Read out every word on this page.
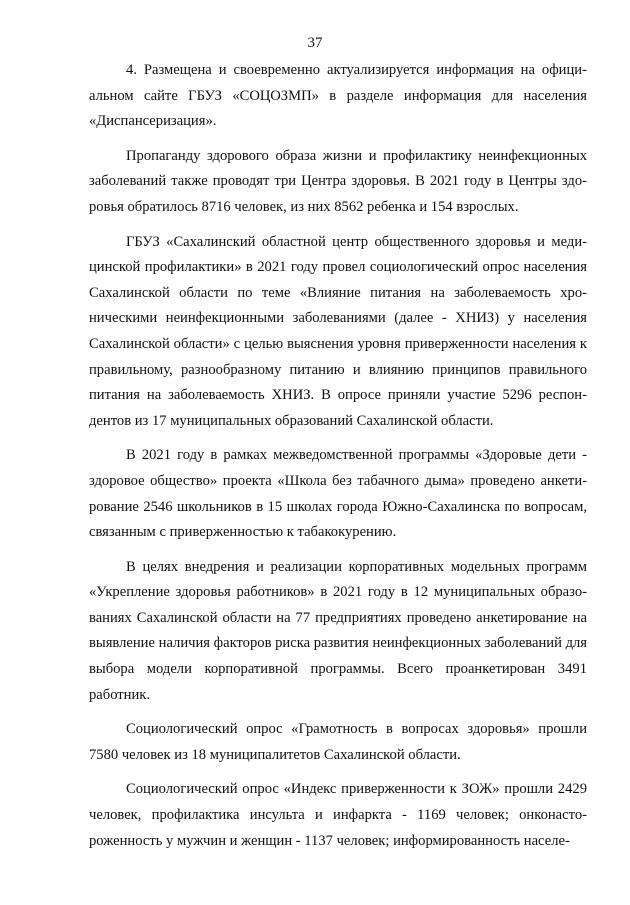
37

4. Размещена и своевременно актуализируется информация на официальном сайте ГБУЗ «СОЦОЗМП» в разделе информация для населения «Диспансеризация».

Пропаганду здорового образа жизни и профилактику неинфекционных заболеваний также проводят три Центра здоровья. В 2021 году в Центры здоровья обратилось 8716 человек, из них 8562 ребенка и 154 взрослых.

ГБУЗ «Сахалинский областной центр общественного здоровья и медицинской профилактики» в 2021 году провел социологический опрос населения Сахалинской области по теме «Влияние питания на заболеваемость хроническими неинфекционными заболеваниями (далее - ХНИЗ) у населения Сахалинской области» с целью выяснения уровня приверженности населения к правильному, разнообразному питанию и влиянию принципов правильного питания на заболеваемость ХНИЗ. В опросе приняли участие 5296 респондентов из 17 муниципальных образований Сахалинской области.

В 2021 году в рамках межведомственной программы «Здоровые дети - здоровое общество» проекта «Школа без табачного дыма» проведено анкетирование 2546 школьников в 15 школах города Южно-Сахалинска по вопросам, связанным с приверженностью к табакокурению.

В целях внедрения и реализации корпоративных модельных программ «Укрепление здоровья работников» в 2021 году в 12 муниципальных образованиях Сахалинской области на 77 предприятиях проведено анкетирование на выявление наличия факторов риска развития неинфекционных заболеваний для выбора модели корпоративной программы. Всего проанкетирован 3491 работник.

Социологический опрос «Грамотность в вопросах здоровья» прошли 7580 человек из 18 муниципалитетов Сахалинской области.

Социологический опрос «Индекс приверженности к ЗОЖ» прошли 2429 человек, профилактика инсульта и инфаркта - 1169 человек; онконастороженность у мужчин и женщин - 1137 человек; информированность населе-
